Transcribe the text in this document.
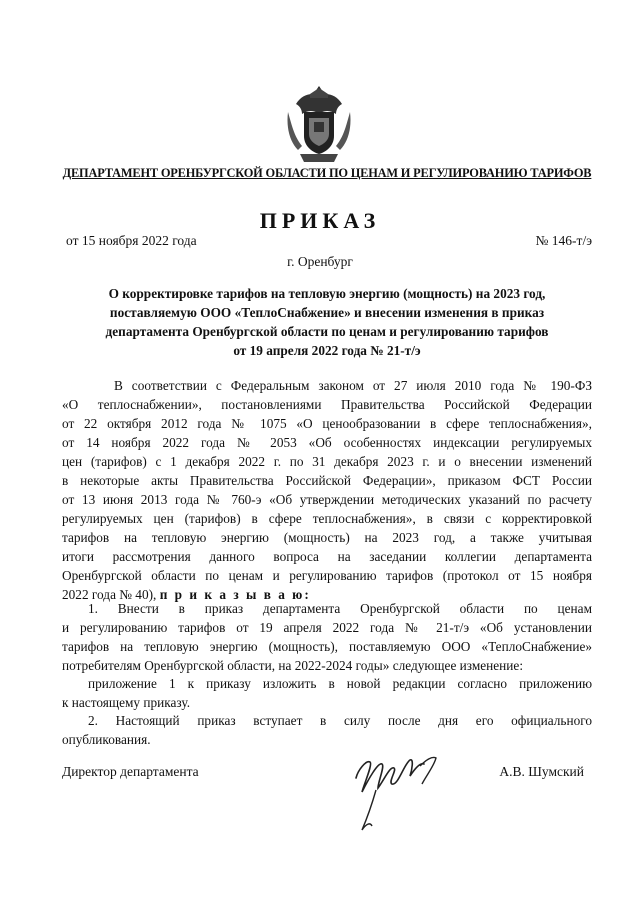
ДЕПАРТАМЕНТ ОРЕНБУРГСКОЙ ОБЛАСТИ ПО ЦЕНАМ И РЕГУЛИРОВАНИЮ ТАРИФОВ
ПРИКАЗ
от 15 ноября 2022 года	№ 146-т/э
г. Оренбург
О корректировке тарифов на тепловую энергию (мощность) на 2023 год,
поставляемую ООО «ТеплоСнабжение» и внесении изменения в приказ
департамента Оренбургской области по ценам и регулированию тарифов
от 19 апреля 2022 года № 21-т/э
В соответствии с Федеральным законом от 27 июля 2010 года № 190-ФЗ
«О теплоснабжении», постановлениями Правительства Российской Федерации
от 22 октября 2012 года № 1075 «О ценообразовании в сфере теплоснабжения»,
от 14 ноября 2022 года № 2053 «Об особенностях индексации регулируемых
цен (тарифов) с 1 декабря 2022 г. по 31 декабря 2023 г. и о внесении изменений
в некоторые акты Правительства Российской Федерации», приказом ФСТ России
от 13 июня 2013 года № 760-э «Об утверждении методических указаний по расчету
регулируемых цен (тарифов) в сфере теплоснабжения», в связи с корректировкой
тарифов на тепловую энергию (мощность) на 2023 год, а также учитывая
итоги рассмотрения данного вопроса на заседании коллегии департамента
Оренбургской области по ценам и регулированию тарифов (протокол от 15 ноября
2022 года № 40), п р и к а з ы в а ю:
1. Внести в приказ департамента Оренбургской области по ценам
и регулированию тарифов от 19 апреля 2022 года № 21-т/э «Об установлении
тарифов на тепловую энергию (мощность), поставляемую ООО «ТеплоСнабжение»
потребителям Оренбургской области, на 2022-2024 годы» следующее изменение:
приложение 1 к приказу изложить в новой редакции согласно приложению
к настоящему приказу.
2. Настоящий приказ вступает в силу после дня его официального
опубликования.
Директор департамента	А.В. Шумский
